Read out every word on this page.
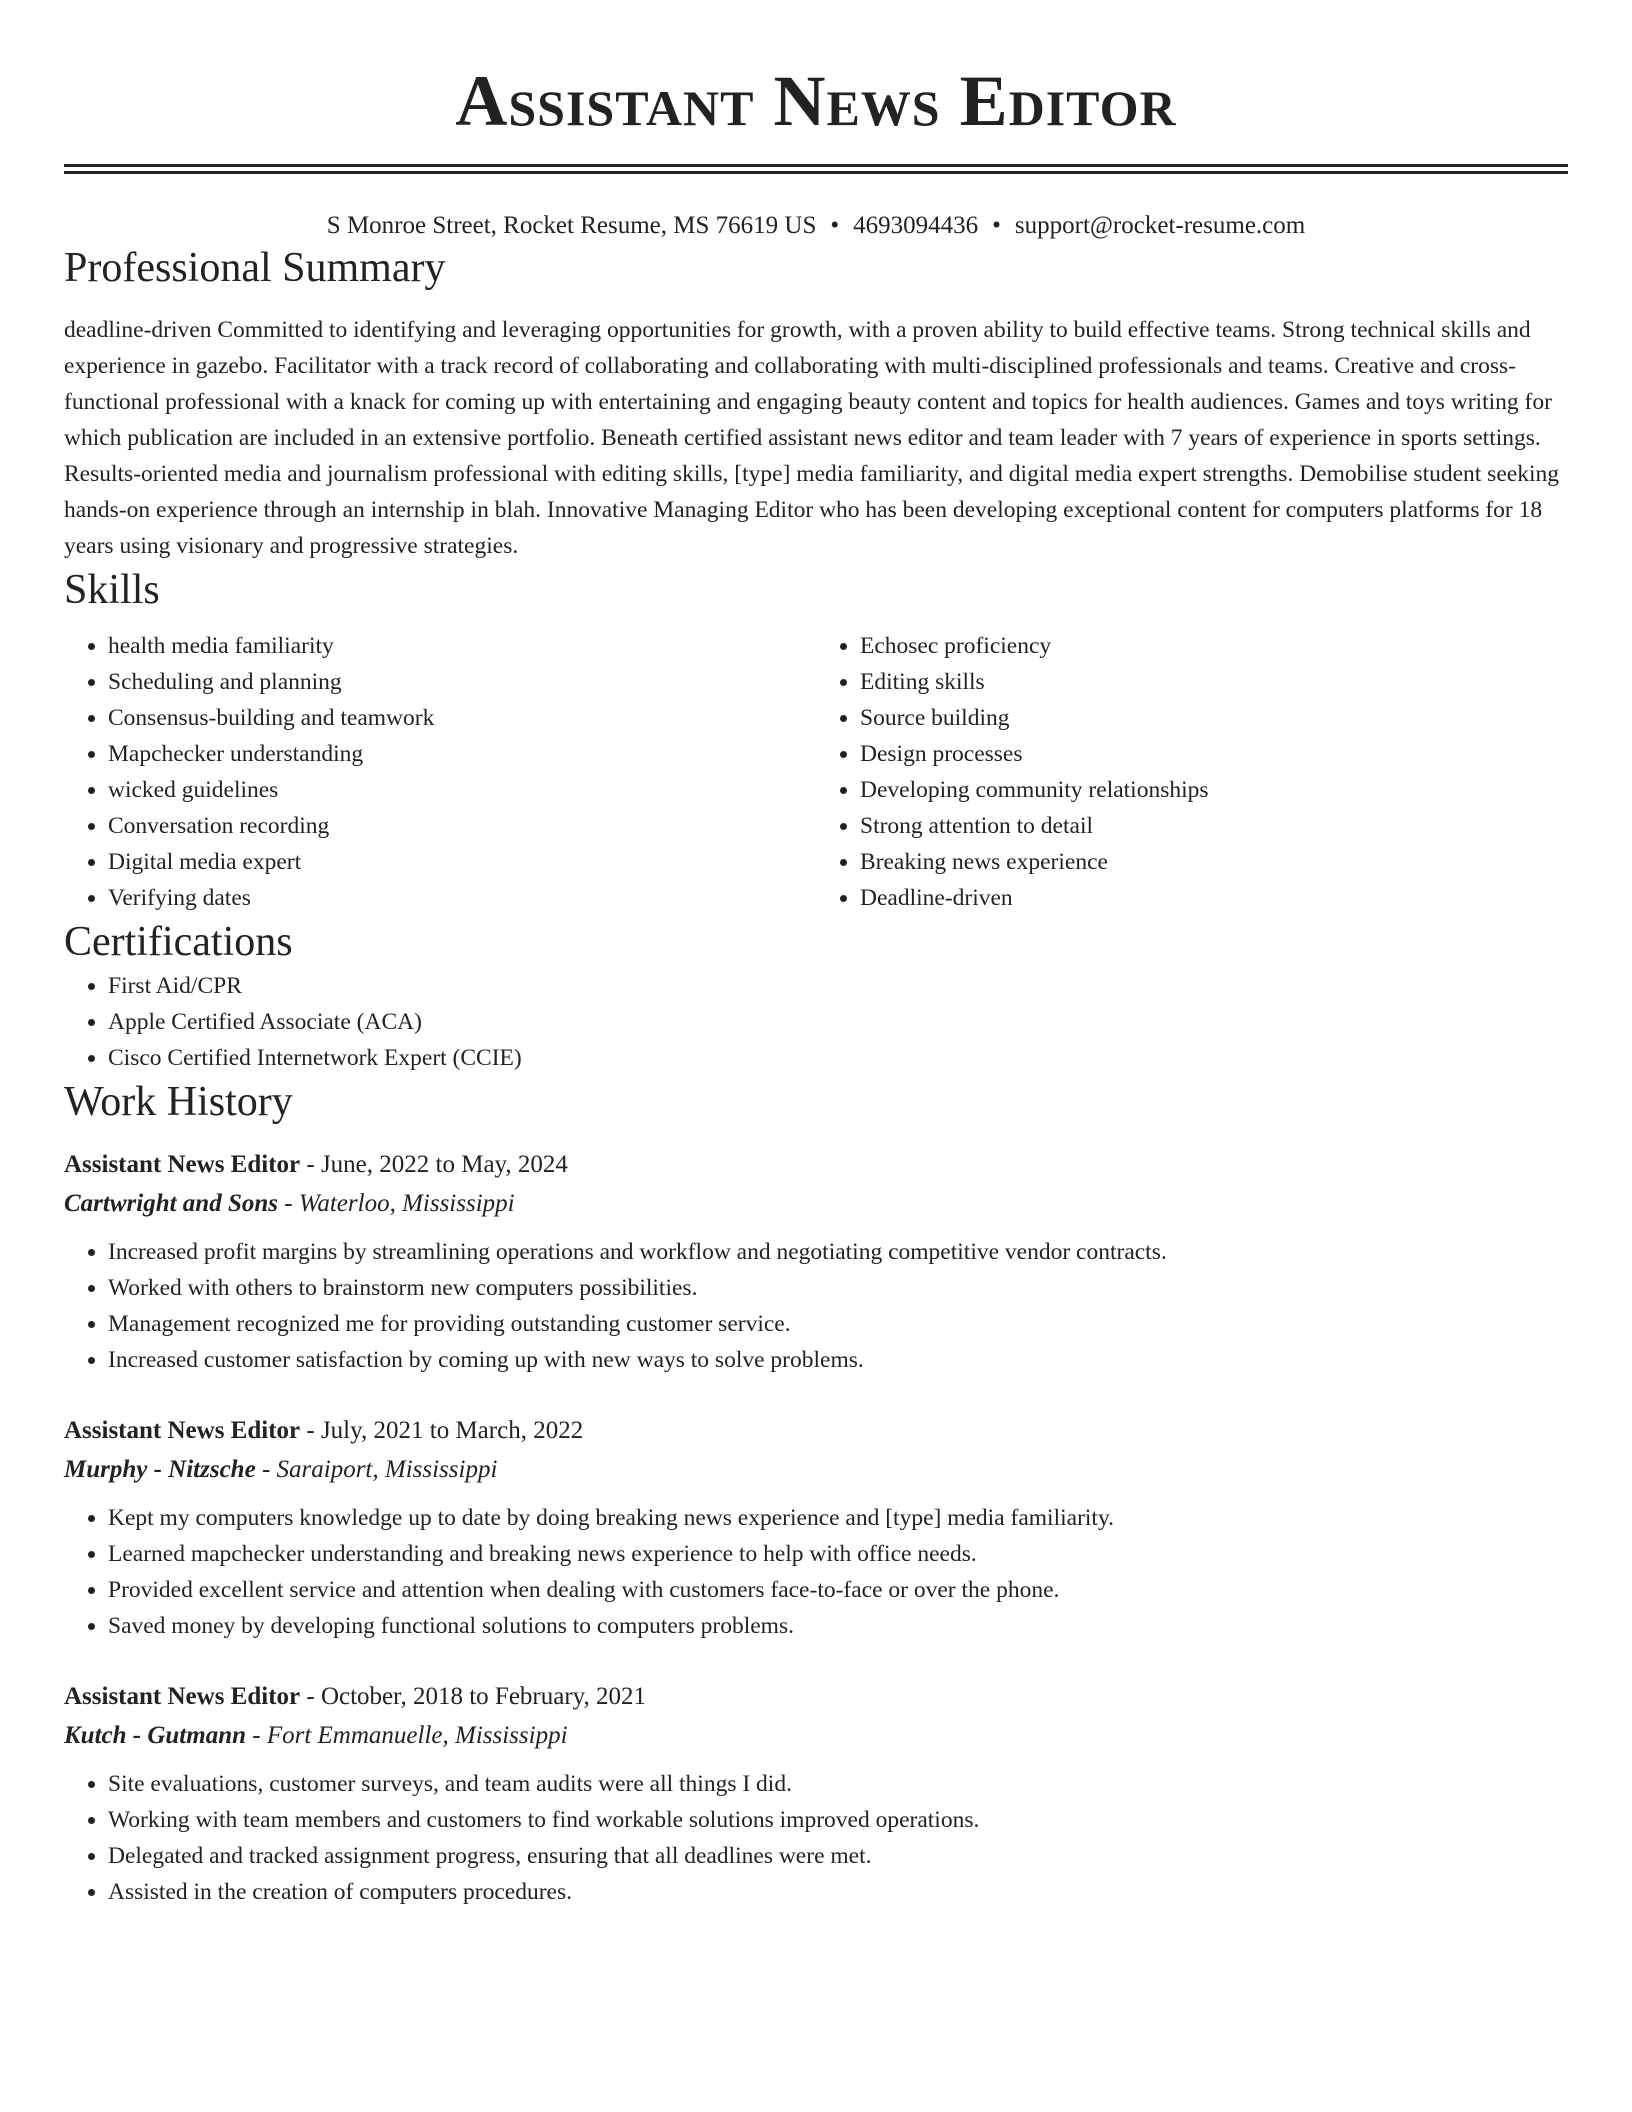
Assistant News Editor
S Monroe Street, Rocket Resume, MS 76619 US • 4693094436 • support@rocket-resume.com
Professional Summary
deadline-driven Committed to identifying and leveraging opportunities for growth, with a proven ability to build effective teams. Strong technical skills and experience in gazebo. Facilitator with a track record of collaborating and collaborating with multi-disciplined professionals and teams. Creative and cross-functional professional with a knack for coming up with entertaining and engaging beauty content and topics for health audiences. Games and toys writing for which publication are included in an extensive portfolio. Beneath certified assistant news editor and team leader with 7 years of experience in sports settings. Results-oriented media and journalism professional with editing skills, [type] media familiarity, and digital media expert strengths. Demobilise student seeking hands-on experience through an internship in blah. Innovative Managing Editor who has been developing exceptional content for computers platforms for 18 years using visionary and progressive strategies.
Skills
• health media familiarity
• Scheduling and planning
• Consensus-building and teamwork
• Mapchecker understanding
• wicked guidelines
• Conversation recording
• Digital media expert
• Verifying dates
• Echosec proficiency
• Editing skills
• Source building
• Design processes
• Developing community relationships
• Strong attention to detail
• Breaking news experience
• Deadline-driven
Certifications
• First Aid/CPR
• Apple Certified Associate (ACA)
• Cisco Certified Internetwork Expert (CCIE)
Work History
Assistant News Editor - June, 2022 to May, 2024
Cartwright and Sons - Waterloo, Mississippi
• Increased profit margins by streamlining operations and workflow and negotiating competitive vendor contracts.
• Worked with others to brainstorm new computers possibilities.
• Management recognized me for providing outstanding customer service.
• Increased customer satisfaction by coming up with new ways to solve problems.
Assistant News Editor - July, 2021 to March, 2022
Murphy - Nitzsche - Saraiport, Mississippi
• Kept my computers knowledge up to date by doing breaking news experience and [type] media familiarity.
• Learned mapchecker understanding and breaking news experience to help with office needs.
• Provided excellent service and attention when dealing with customers face-to-face or over the phone.
• Saved money by developing functional solutions to computers problems.
Assistant News Editor - October, 2018 to February, 2021
Kutch - Gutmann - Fort Emmanuelle, Mississippi
• Site evaluations, customer surveys, and team audits were all things I did.
• Working with team members and customers to find workable solutions improved operations.
• Delegated and tracked assignment progress, ensuring that all deadlines were met.
• Assisted in the creation of computers procedures.
